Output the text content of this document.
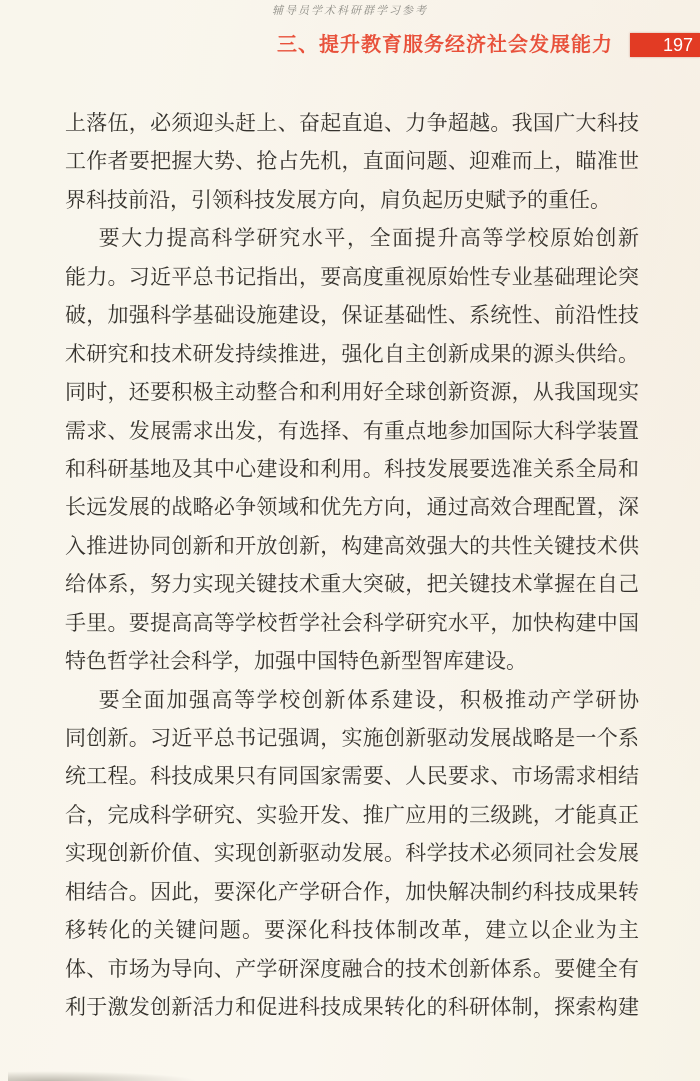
辅导员学术科研群学习参考
三、提升教育服务经济社会发展能力	197
上落伍，必须迎头赶上、奋起直追、力争超越。我国广大科技
工作者要把握大势、抢占先机，直面问题、迎难而上，瞄准世
界科技前沿，引领科技发展方向，肩负起历史赋予的重任。
要大力提高科学研究水平，全面提升高等学校原始创新
能力。习近平总书记指出，要高度重视原始性专业基础理论突
破，加强科学基础设施建设，保证基础性、系统性、前沿性技
术研究和技术研发持续推进，强化自主创新成果的源头供给。
同时，还要积极主动整合和利用好全球创新资源，从我国现实
需求、发展需求出发，有选择、有重点地参加国际大科学装置
和科研基地及其中心建设和利用。科技发展要选准关系全局和
长远发展的战略必争领域和优先方向，通过高效合理配置，深
入推进协同创新和开放创新，构建高效强大的共性关键技术供
给体系，努力实现关键技术重大突破，把关键技术掌握在自己
手里。要提高高等学校哲学社会科学研究水平，加快构建中国
特色哲学社会科学，加强中国特色新型智库建设。
要全面加强高等学校创新体系建设，积极推动产学研协
同创新。习近平总书记强调，实施创新驱动发展战略是一个系
统工程。科技成果只有同国家需要、人民要求、市场需求相结
合，完成科学研究、实验开发、推广应用的三级跳，才能真正
实现创新价值、实现创新驱动发展。科学技术必须同社会发展
相结合。因此，要深化产学研合作，加快解决制约科技成果转
移转化的关键问题。要深化科技体制改革，建立以企业为主
体、市场为导向、产学研深度融合的技术创新体系。要健全有
利于激发创新活力和促进科技成果转化的科研体制，探索构建
